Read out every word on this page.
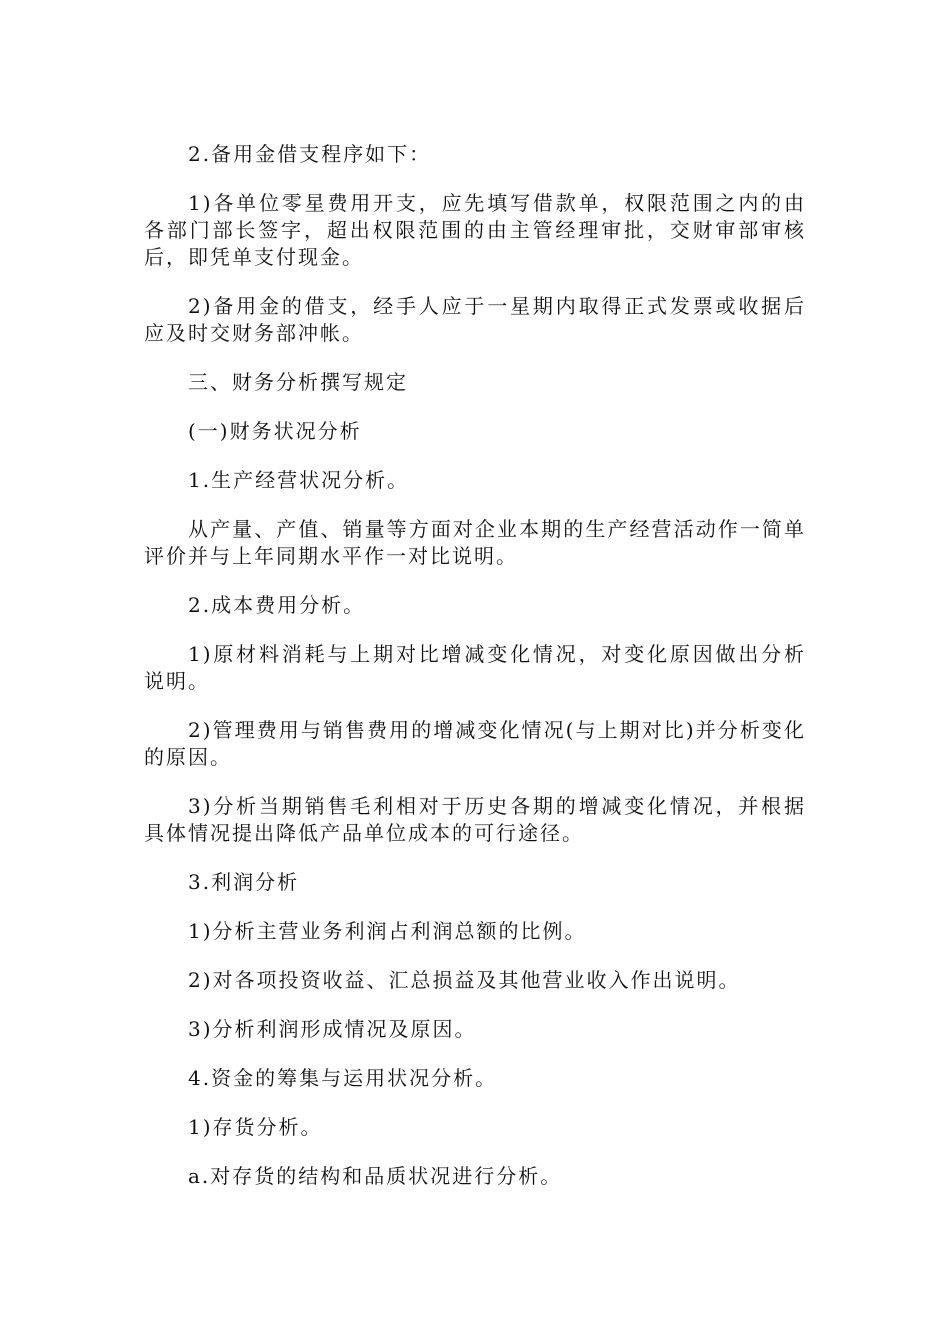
2.备用金借支程序如下：

1)各单位零星费用开支，应先填写借款单，权限范围之内的由各部门部长签字，超出权限范围的由主管经理审批，交财审部审核后，即凭单支付现金。

2)备用金的借支，经手人应于一星期内取得正式发票或收据后应及时交财务部冲帐。

三、财务分析撰写规定

(一)财务状况分析

1.生产经营状况分析。

从产量、产值、销量等方面对企业本期的生产经营活动作一简单评价并与上年同期水平作一对比说明。

2.成本费用分析。

1)原材料消耗与上期对比增减变化情况，对变化原因做出分析说明。

2)管理费用与销售费用的增减变化情况(与上期对比)并分析变化的原因。

3)分析当期销售毛利相对于历史各期的增减变化情况，并根据具体情况提出降低产品单位成本的可行途径。

3.利润分析

1)分析主营业务利润占利润总额的比例。

2)对各项投资收益、汇总损益及其他营业收入作出说明。

3)分析利润形成情况及原因。

4.资金的筹集与运用状况分析。

1)存货分析。

a.对存货的结构和品质状况进行分析。
